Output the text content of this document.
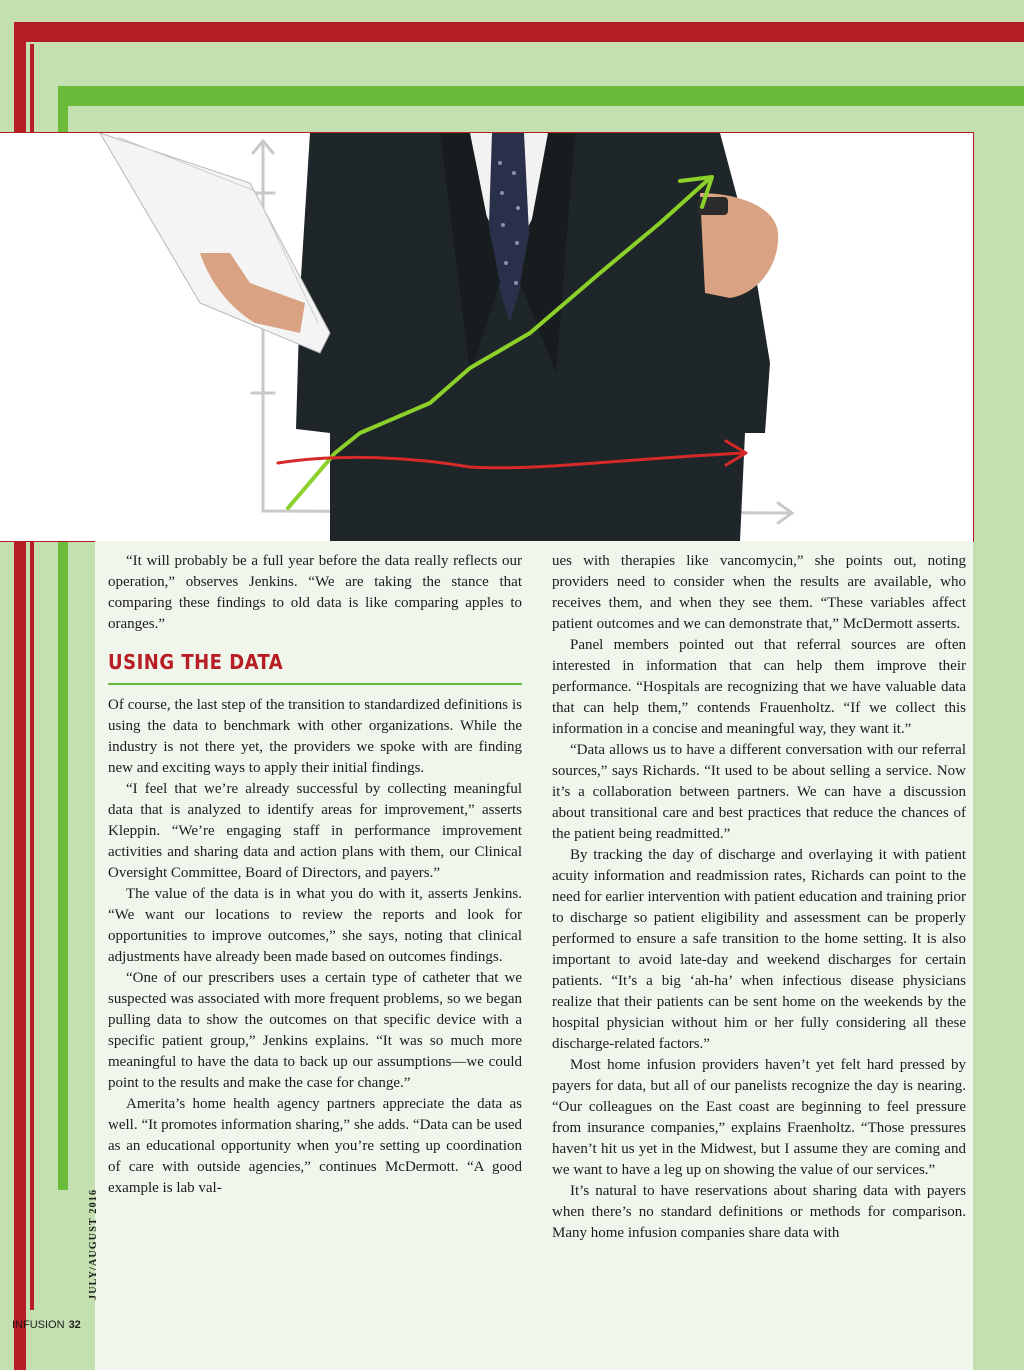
“It will probably be a full year before the data really reflects our operation,” observes Jenkins. “We are taking the stance that comparing these findings to old data is like comparing apples to oranges.”

USING THE DATA

Of course, the last step of the transition to standardized definitions is using the data to benchmark with other organizations. While the industry is not there yet, the providers we spoke with are finding new and exciting ways to apply their initial findings.

“I feel that we’re already successful by collecting meaningful data that is analyzed to identify areas for improvement,” asserts Kleppin. “We’re engaging staff in performance improvement activities and sharing data and action plans with them, our Clinical Oversight Committee, Board of Directors, and payers.”

The value of the data is in what you do with it, asserts Jenkins. “We want our locations to review the reports and look for opportunities to improve outcomes,” she says, noting that clinical adjustments have already been made based on outcomes findings.

“One of our prescribers uses a certain type of catheter that we suspected was associated with more frequent problems, so we began pulling data to show the outcomes on that specific device with a specific patient group,” Jenkins explains. “It was so much more meaningful to have the data to back up our assumptions—we could point to the results and make the case for change.”

Amerita’s home health agency partners appreciate the data as well. “It promotes information sharing,” she adds. “Data can be used as an educational opportunity when you’re setting up coordination of care with outside agencies,” continues McDermott. “A good example is lab val-

ues with therapies like vancomycin,” she points out, noting providers need to consider when the results are available, who receives them, and when they see them. “These variables affect patient outcomes and we can demonstrate that,” McDermott asserts.

Panel members pointed out that referral sources are often interested in information that can help them improve their performance. “Hospitals are recognizing that we have valuable data that can help them,” contends Frauenholtz. “If we collect this information in a concise and meaningful way, they want it.”

“Data allows us to have a different conversation with our referral sources,” says Richards. “It used to be about selling a service. Now it’s a collaboration between partners. We can have a discussion about transitional care and best practices that reduce the chances of the patient being readmitted.”

By tracking the day of discharge and overlaying it with patient acuity information and readmission rates, Richards can point to the need for earlier intervention with patient education and training prior to discharge so patient eligibility and assessment can be properly performed to ensure a safe transition to the home setting. It is also important to avoid late-day and weekend discharges for certain patients. “It’s a big ‘ah-ha’ when infectious disease physicians realize that their patients can be sent home on the weekends by the hospital physician without him or her fully considering all these discharge-related factors.”

Most home infusion providers haven’t yet felt hard pressed by payers for data, but all of our panelists recognize the day is nearing. “Our colleagues on the East coast are beginning to feel pressure from insurance companies,” explains Fraenholtz. “Those pressures haven’t hit us yet in the Midwest, but I assume they are coming and we want to have a leg up on showing the value of our services.”

It’s natural to have reservations about sharing data with payers when there’s no standard definitions or methods for comparison. Many home infusion companies share data with

JULY/AUGUST 2016
INFUSION 32
